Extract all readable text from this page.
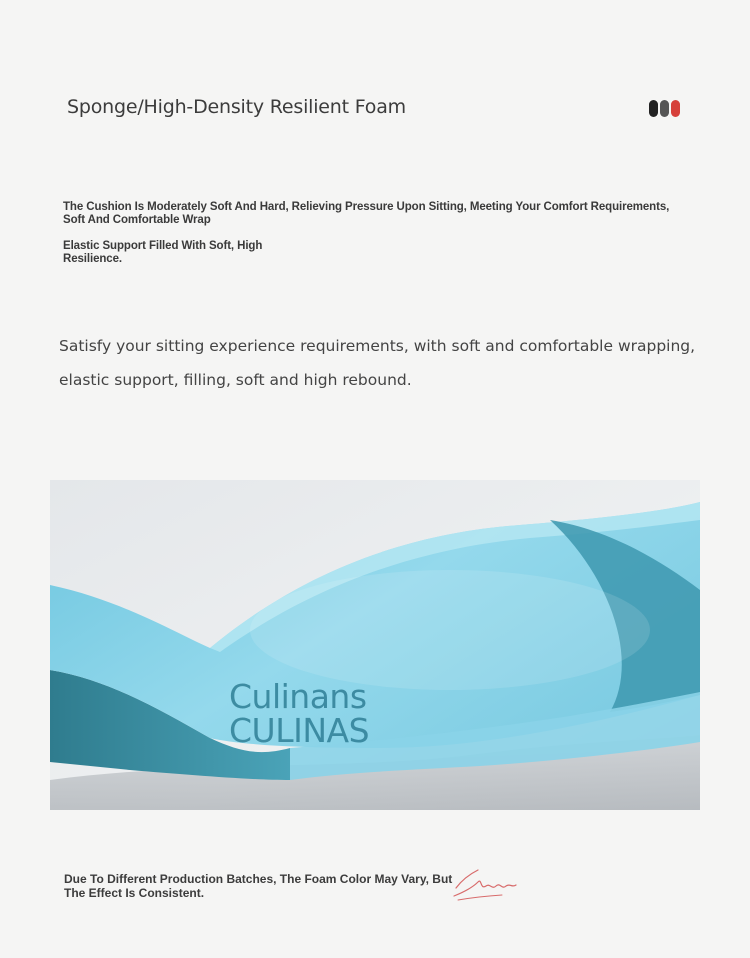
Sponge/High-Density Resilient Foam
The Cushion Is Moderately Soft And Hard, Relieving Pressure Upon Sitting, Meeting Your Comfort Requirements, Soft And Comfortable Wrap
Elastic Support Filled With Soft, High Resilience.
Satisfy your sitting experience requirements, with soft and comfortable wrapping, elastic support, filling, soft and high rebound.
Culinans
CULINAS
Due To Different Production Batches, The Foam Color May Vary, But The Effect Is Consistent.
